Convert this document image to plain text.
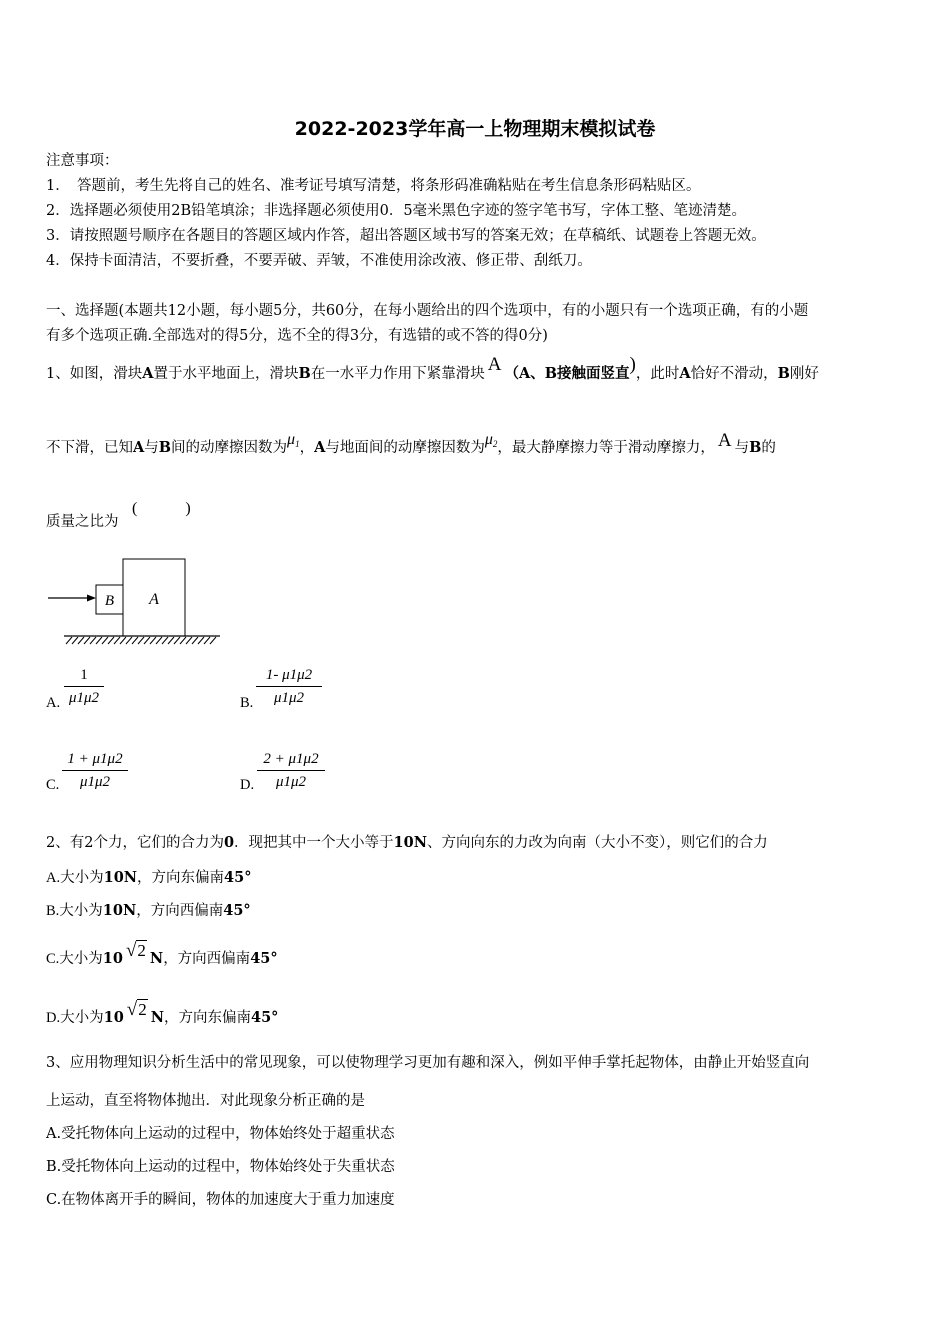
2022-2023学年高一上物理期末模拟试卷
注意事项：
1．　答题前，考生先将自己的姓名、准考证号填写清楚，将条形码准确粘贴在考生信息条形码粘贴区。
2．选择题必须使用2B铅笔填涂；非选择题必须使用0．5毫米黑色字迹的签字笔书写，字体工整、笔迹清楚。
3．请按照题号顺序在各题目的答题区域内作答，超出答题区域书写的答案无效；在草稿纸、试题卷上答题无效。
4．保持卡面清洁，不要折叠，不要弄破、弄皱，不准使用涂改液、修正带、刮纸刀。
一、选择题(本题共12小题，每小题5分，共60分，在每小题给出的四个选项中，有的小题只有一个选项正确，有的小题
有多个选项正确.全部选对的得5分，选不全的得3分，有选错的或不答的得0分)
1、如图，滑块A置于水平地面上，滑块B在一水平力作用下紧靠滑块 A （A、B接触面竖直)，此时A恰好不滑动，B刚好
不下滑，已知A与B间的动摩擦因数为$\mu_1$，A与地面间的动摩擦因数为$\mu_2$，最大静摩擦力等于滑动摩擦力， A 与B的
质量之比为
(　　　)
B A
A.
1
μ1μ2	B.
1- μ1μ2
μ1μ2
C.
1 + μ1μ2
μ1μ2	D.
2 + μ1μ2
μ1μ2
2、有2个力，它们的合力为0．现把其中一个大小等于10N、方向向东的力改为向南（大小不变），则它们的合力
A.大小为10N，方向东偏南45°
B.大小为10N，方向西偏南45°
C.大小为10 √2 N，方向西偏南45°
D.大小为10 √2 N，方向东偏南45°
3、应用物理知识分析生活中的常见现象，可以使物理学习更加有趣和深入，例如平伸手掌托起物体，由静止开始竖直向
上运动，直至将物体抛出．对此现象分析正确的是
A.受托物体向上运动的过程中，物体始终处于超重状态
B.受托物体向上运动的过程中，物体始终处于失重状态
C.在物体离开手的瞬间，物体的加速度大于重力加速度
